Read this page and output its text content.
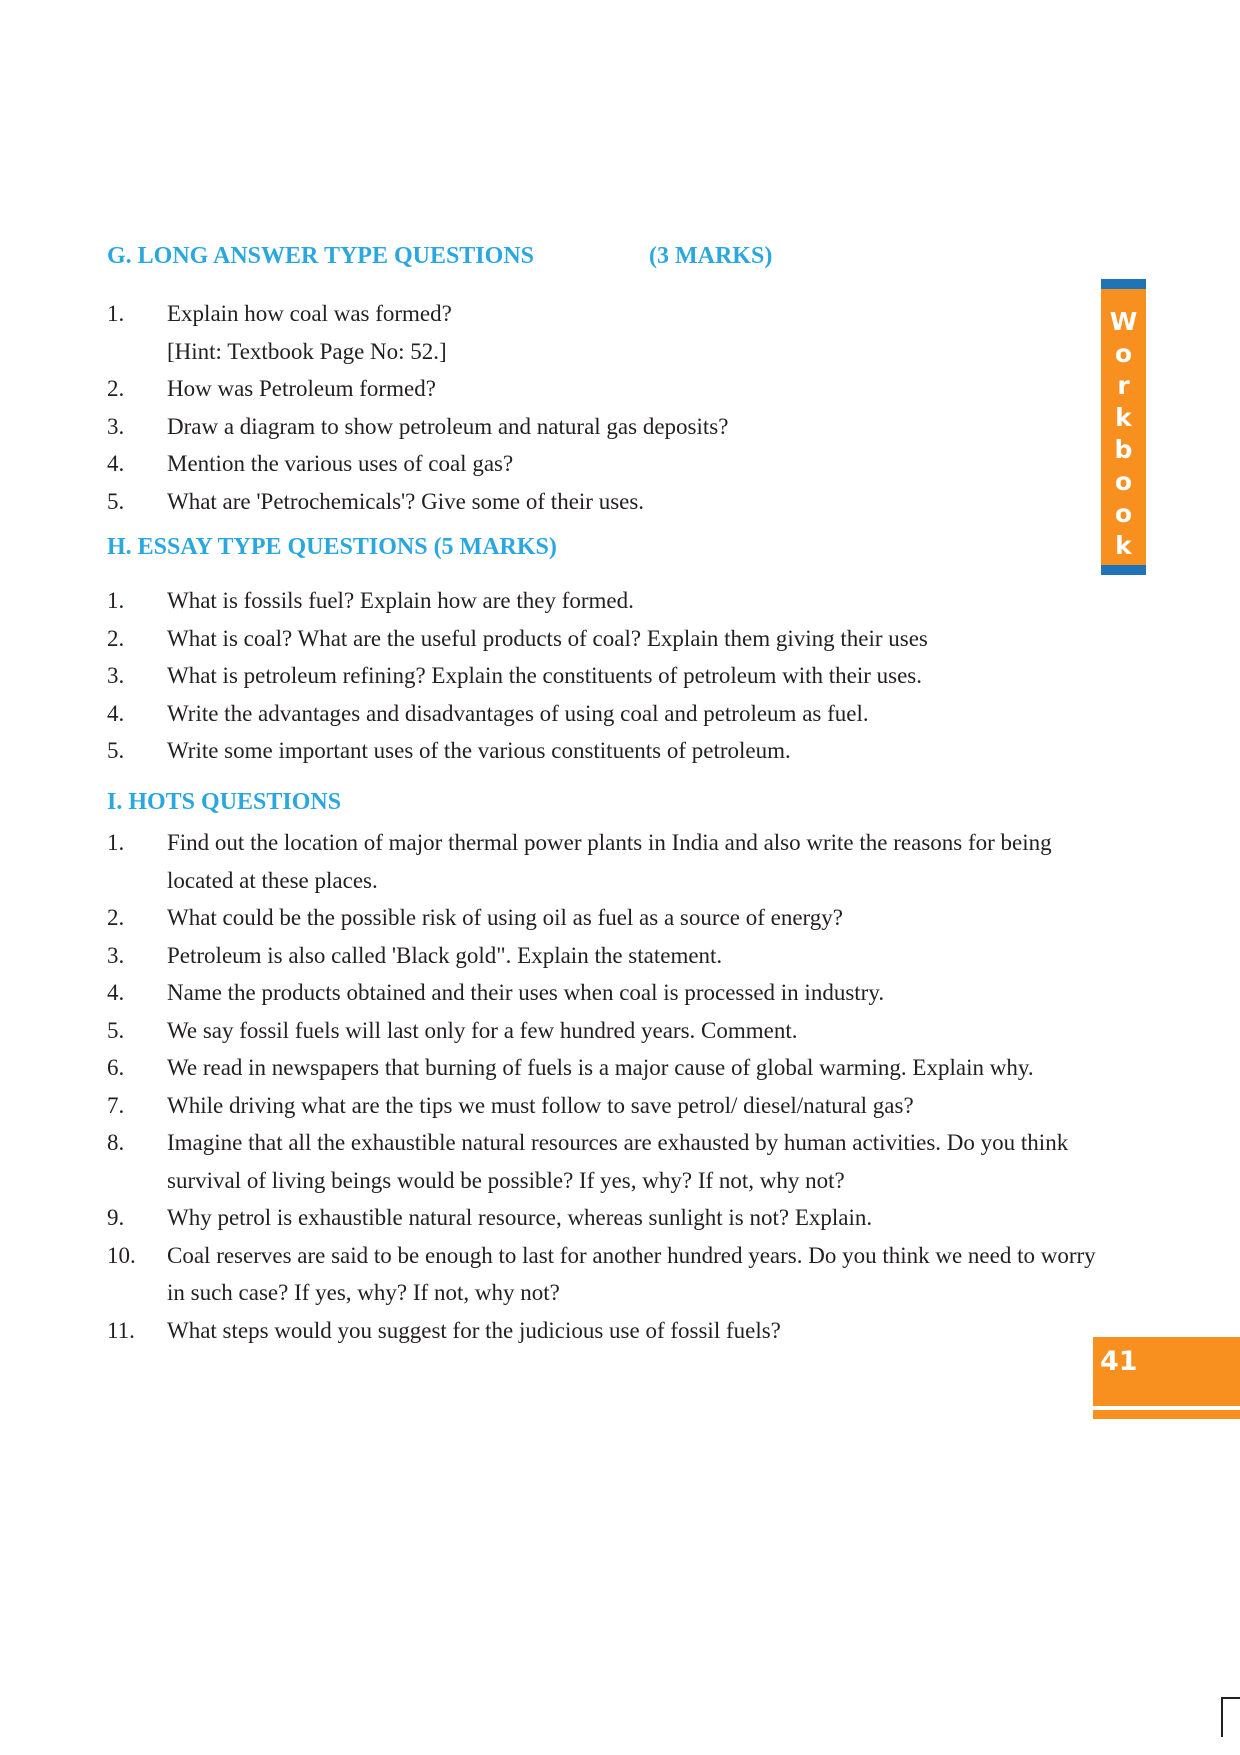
G. LONG ANSWER TYPE QUESTIONS	(3 MARKS)
1.	Explain how coal was formed?
[Hint: Textbook Page No: 52.]
2.	How was Petroleum formed?
3.	Draw a diagram to show petroleum and natural gas deposits?
4.	Mention the various uses of coal gas?
5.	What are 'Petrochemicals'? Give some of their uses.
H. ESSAY TYPE QUESTIONS (5 MARKS)
1.	What is fossils fuel? Explain how are they formed.
2.	What is coal? What are the useful products of coal? Explain them giving their uses
3.	What is petroleum refining? Explain the constituents of petroleum with their uses.
4.	Write the advantages and disadvantages of using coal and petroleum as fuel.
5.	Write some important uses of the various constituents of petroleum.
I. HOTS QUESTIONS
1.	Find out the location of major thermal power plants in India and also write the reasons for being located at these places.
2.	What could be the possible risk of using oil as fuel as a source of energy?
3.	Petroleum is also called 'Black gold". Explain the statement.
4.	Name the products obtained and their uses when coal is processed in industry.
5.	We say fossil fuels will last only for a few hundred years. Comment.
6.	We read in newspapers that burning of fuels is a major cause of global warming. Explain why.
7.	While driving what are the tips we must follow to save petrol/ diesel/natural gas?
8.	Imagine that all the exhaustible natural resources are exhausted by human activities. Do you think survival of living beings would be possible? If yes, why? If not, why not?
9.	Why petrol is exhaustible natural resource, whereas sunlight is not? Explain.
10.	Coal reserves are said to be enough to last for another hundred years. Do you think we need to worry in such case? If yes, why? If not, why not?
11.	What steps would you suggest for the judicious use of fossil fuels?
W
o
r
k
b
o
o
k
41
